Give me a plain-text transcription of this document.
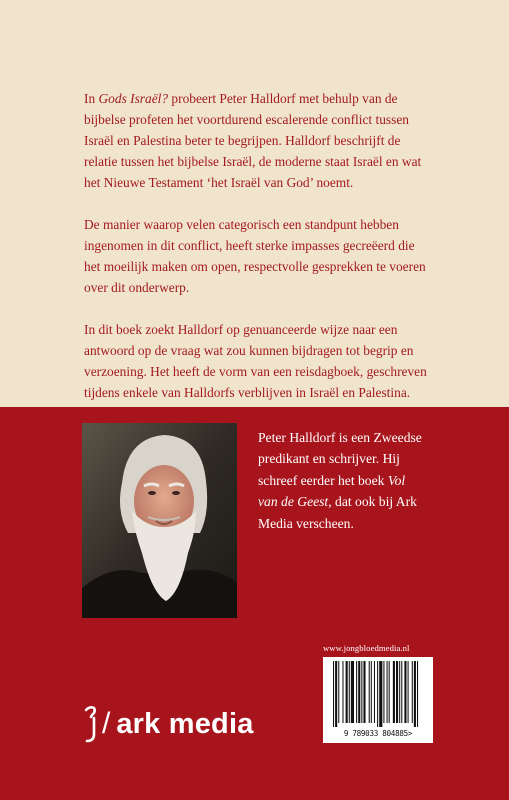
In Gods Israël? probeert Peter Halldorf met behulp van de bijbelse profeten het voortdurend escalerende conflict tussen Israël en Palestina beter te begrijpen. Halldorf beschrijft de relatie tussen het bijbelse Israël, de moderne staat Israël en wat het Nieuwe Testament ‘het Israël van God’ noemt.

De manier waarop velen categorisch een standpunt hebben ingenomen in dit conflict, heeft sterke impasses gecreëerd die het moeilijk maken om open, respectvolle gesprekken te voeren over dit onderwerp.

In dit boek zoekt Halldorf op genuanceerde wijze naar een antwoord op de vraag wat zou kunnen bijdragen tot begrip en verzoening. Het heeft de vorm van een reisdagboek, geschreven tijdens enkele van Halldorfs verblijven in Israël en Palestina.

Peter Halldorf is een Zweedse predikant en schrijver. Hij schreef eerder het boek Vol van de Geest, dat ook bij Ark Media verscheen.
www.jongbloedmedia.nl
9 789033 804885>
/ ark media
